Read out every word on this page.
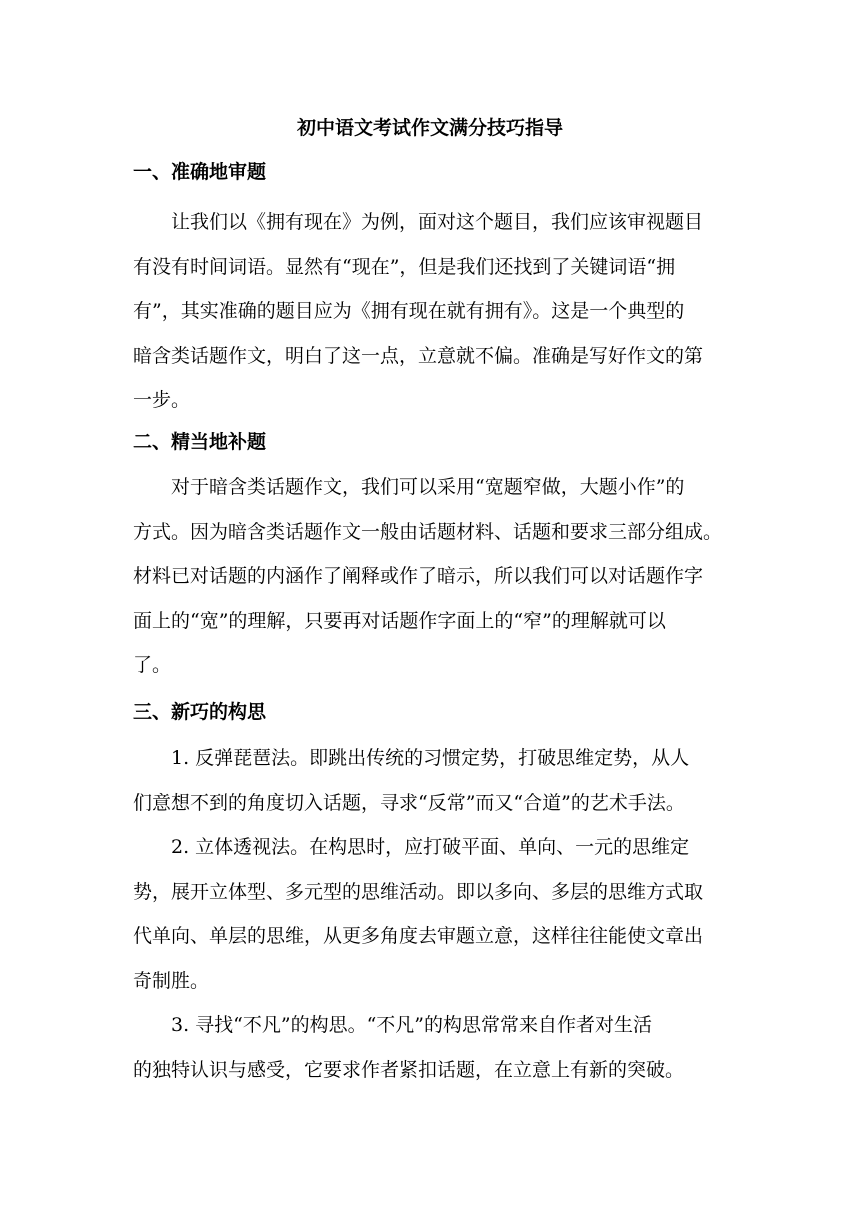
初中语文考试作文满分技巧指导
一、准确地审题
让我们以《拥有现在》为例，面对这个题目，我们应该审视题目
有没有时间词语。显然有“现在”，但是我们还找到了关键词语“拥
有”，其实准确的题目应为《拥有现在就有拥有》。这是一个典型的
暗含类话题作文，明白了这一点，立意就不偏。准确是写好作文的第
一步。
二、精当地补题
对于暗含类话题作文，我们可以采用“宽题窄做，大题小作”的
方式。因为暗含类话题作文一般由话题材料、话题和要求三部分组成。
材料已对话题的内涵作了阐释或作了暗示，所以我们可以对话题作字
面上的“宽”的理解，只要再对话题作字面上的“窄”的理解就可以
了。
三、新巧的构思
1. 反弹琵琶法。即跳出传统的习惯定势，打破思维定势，从人
们意想不到的角度切入话题，寻求“反常”而又“合道”的艺术手法。
2. 立体透视法。在构思时，应打破平面、单向、一元的思维定
势，展开立体型、多元型的思维活动。即以多向、多层的思维方式取
代单向、单层的思维，从更多角度去审题立意，这样往往能使文章出
奇制胜。
3. 寻找“不凡”的构思。“不凡”的构思常常来自作者对生活
的独特认识与感受，它要求作者紧扣话题，在立意上有新的突破。
